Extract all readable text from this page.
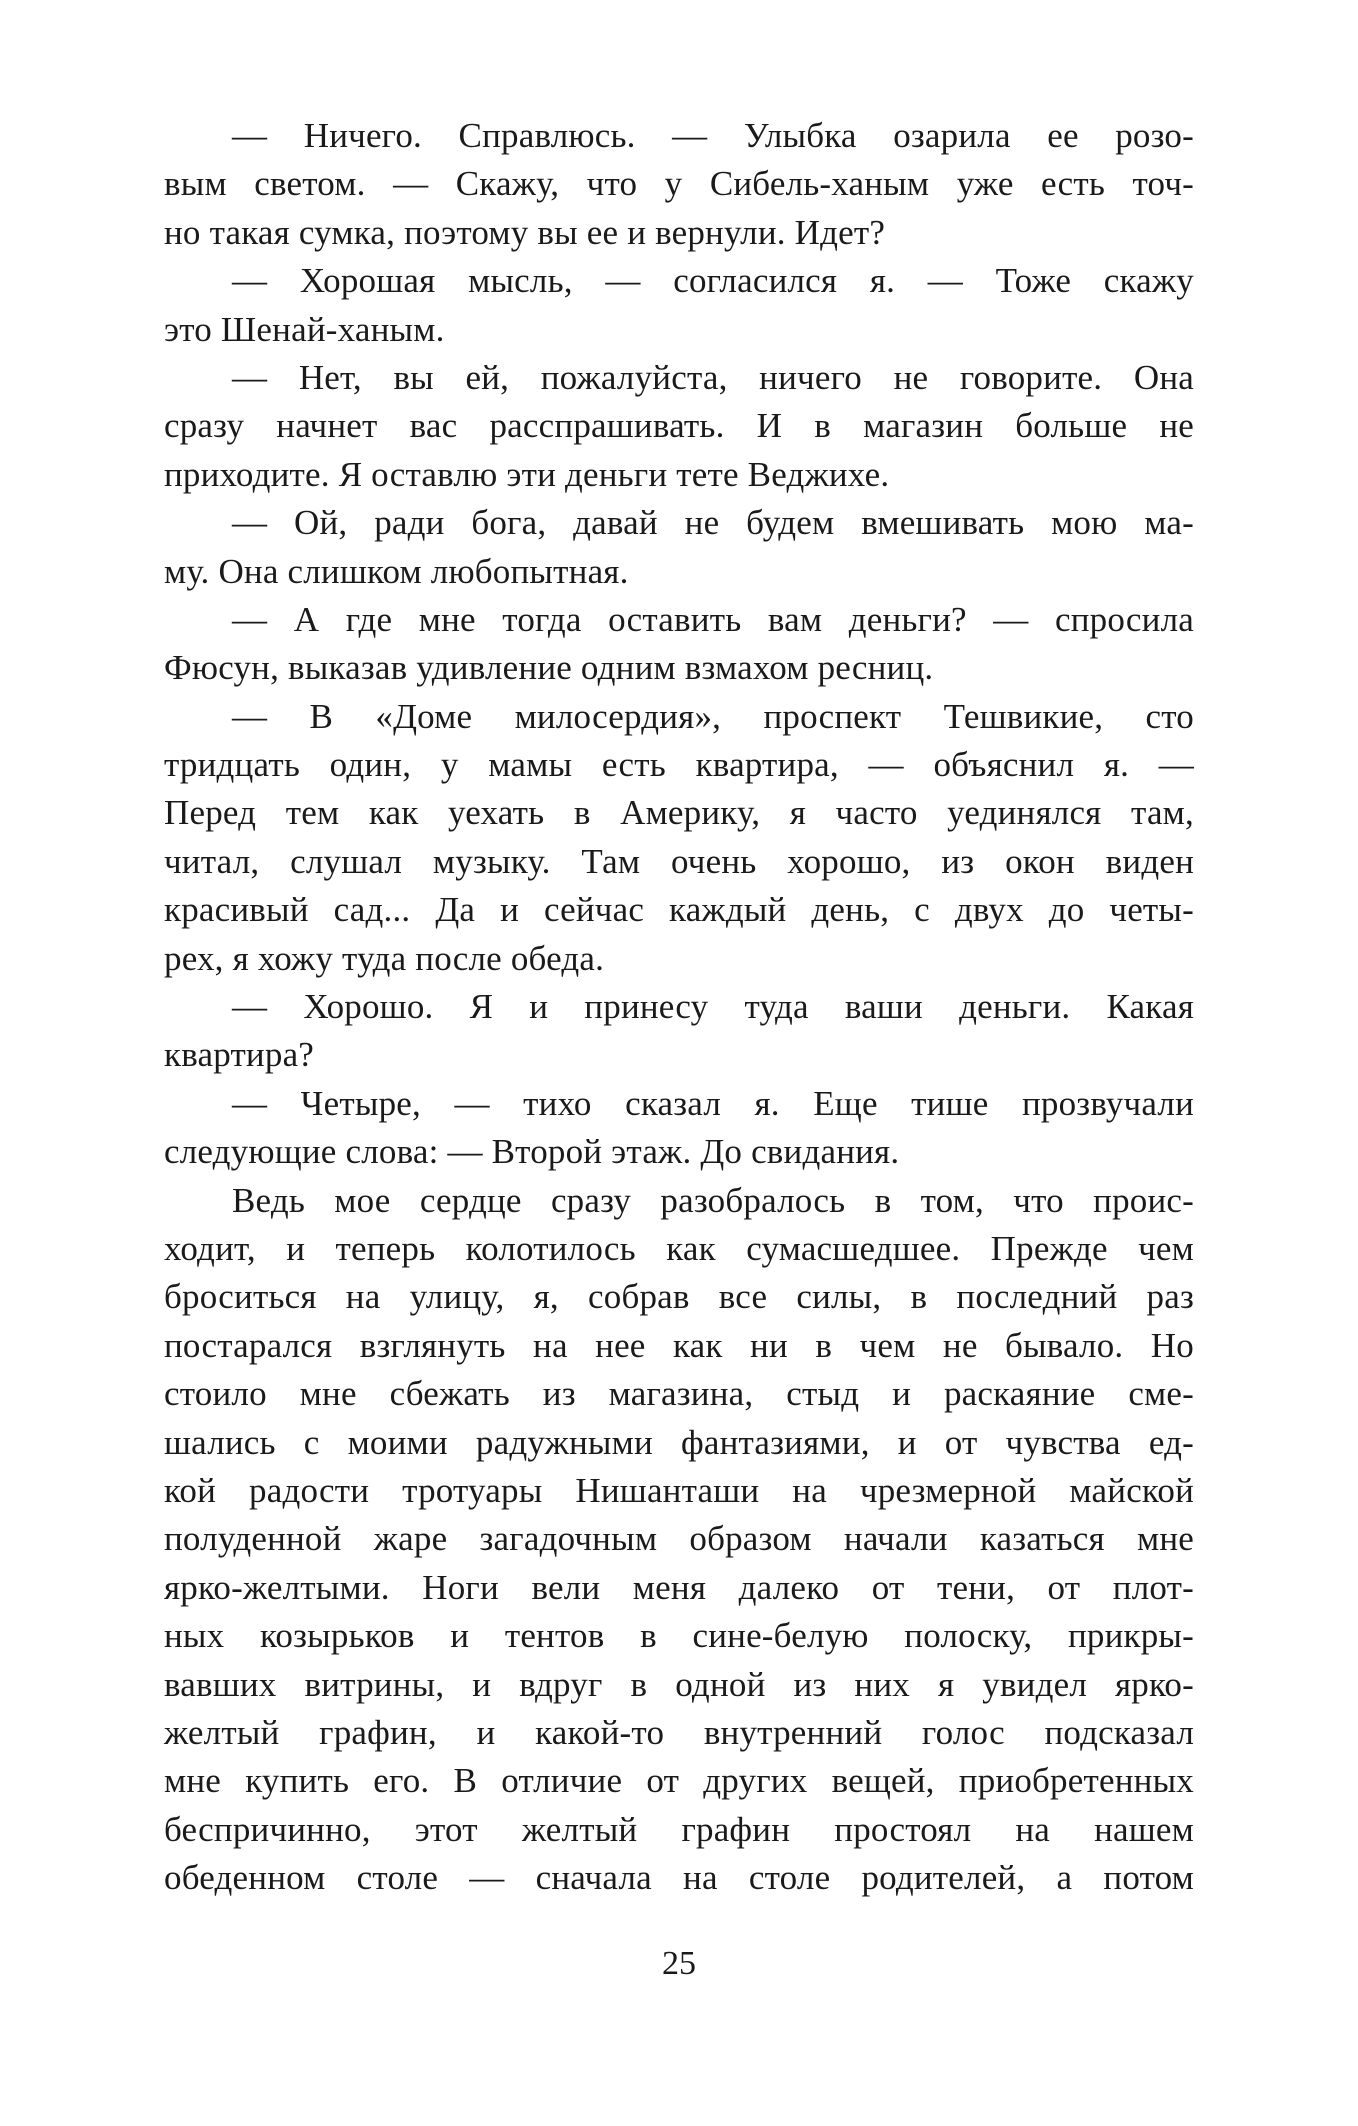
— Ничего. Справлюсь. — Улыбка озарила ее розо-
вым светом. — Скажу, что у Сибель-ханым уже есть точ-
но такая сумка, поэтому вы ее и вернули. Идет?
— Хорошая мысль, — согласился я. — Тоже скажу
это Шенай-ханым.
— Нет, вы ей, пожалуйста, ничего не говорите. Она
сразу начнет вас расспрашивать. И в магазин больше не
приходите. Я оставлю эти деньги тете Веджихе.
— Ой, ради бога, давай не будем вмешивать мою ма-
му. Она слишком любопытная.
— А где мне тогда оставить вам деньги? — спросила
Фюсун, выказав удивление одним взмахом ресниц.
— В «Доме милосердия», проспект Тешвикие, сто
тридцать один, у мамы есть квартира, — объяснил я. —
Перед тем как уехать в Америку, я часто уединялся там,
читал, слушал музыку. Там очень хорошо, из окон виден
красивый сад... Да и сейчас каждый день, с двух до четы-
рех, я хожу туда после обеда.
— Хорошо. Я и принесу туда ваши деньги. Какая
квартира?
— Четыре, — тихо сказал я. Еще тише прозвучали
следующие слова: — Второй этаж. До свидания.
Ведь мое сердце сразу разобралось в том, что проис-
ходит, и теперь колотилось как сумасшедшее. Прежде чем
броситься на улицу, я, собрав все силы, в последний раз
постарался взглянуть на нее как ни в чем не бывало. Но
стоило мне сбежать из магазина, стыд и раскаяние сме-
шались с моими радужными фантазиями, и от чувства ед-
кой радости тротуары Нишанташи на чрезмерной майской
полуденной жаре загадочным образом начали казаться мне
ярко-желтыми. Ноги вели меня далеко от тени, от плот-
ных козырьков и тентов в сине-белую полоску, прикры-
вавших витрины, и вдруг в одной из них я увидел ярко-
желтый графин, и какой-то внутренний голос подсказал
мне купить его. В отличие от других вещей, приобретенных
беспричинно, этот желтый графин простоял на нашем
обеденном столе — сначала на столе родителей, а потом
25
